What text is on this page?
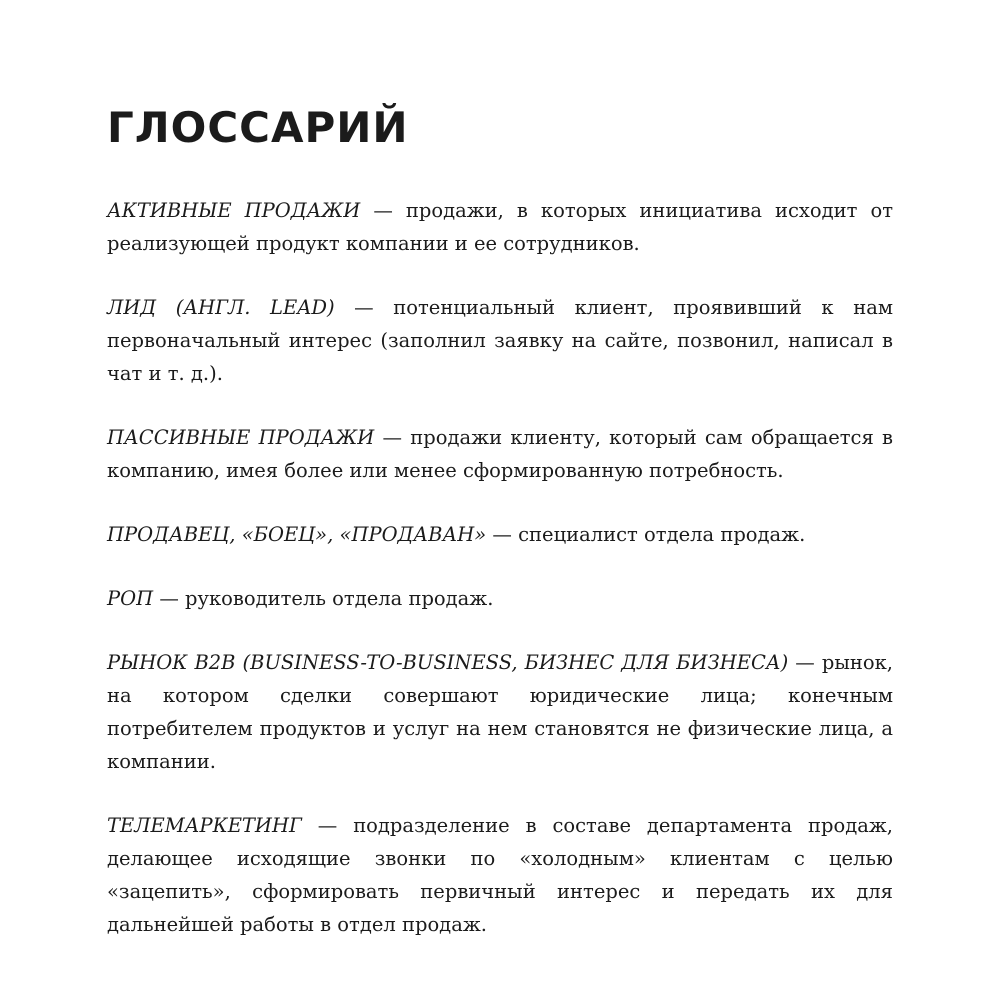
ГЛОССАРИЙ

АКТИВНЫЕ ПРОДАЖИ — продажи, в которых инициатива исходит от реализующей продукт компании и ее сотрудников.

ЛИД (АНГЛ. LEAD) — потенциальный клиент, проявивший к нам первоначальный интерес (заполнил заявку на сайте, позвонил, написал в чат и т. д.).

ПАССИВНЫЕ ПРОДАЖИ — продажи клиенту, который сам обращается в компанию, имея более или менее сформированную потребность.

ПРОДАВЕЦ, «БОЕЦ», «ПРОДАВАН» — специалист отдела продаж.

РОП — руководитель отдела продаж.

РЫНОК B2B (BUSINESS-TO-BUSINESS, БИЗНЕС ДЛЯ БИЗНЕСА) — рынок, на котором сделки совершают юридические лица; конечным потребителем продуктов и услуг на нем становятся не физические лица, а компании.

ТЕЛЕМАРКЕТИНГ — подразделение в составе департамента продаж, делающее исходящие звонки по «холодным» клиентам с целью «зацепить», сформировать первичный интерес и передать их для дальнейшей работы в отдел продаж.
